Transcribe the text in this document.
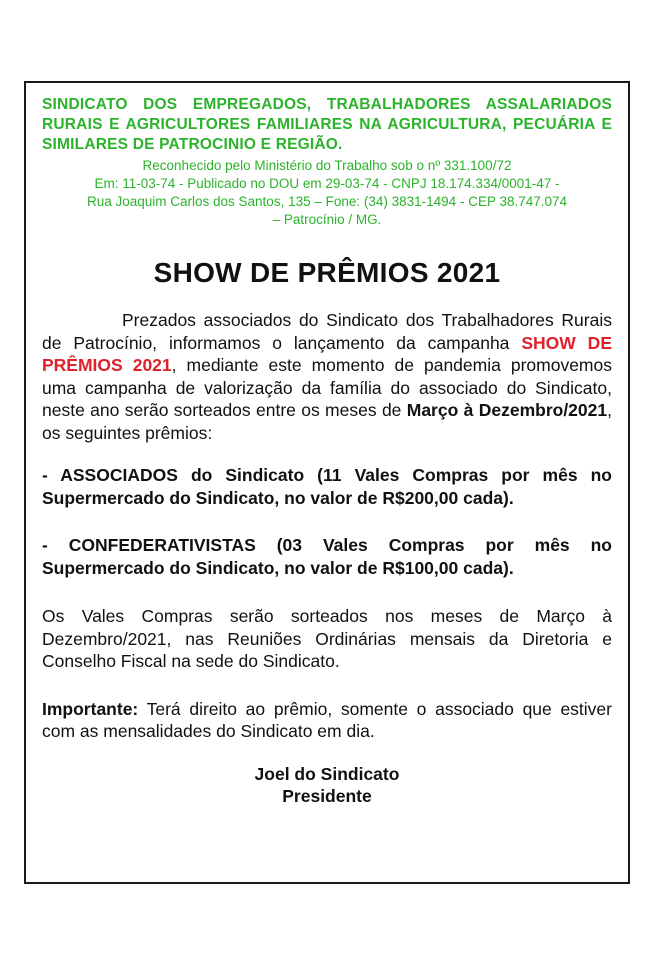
SINDICATO DOS EMPREGADOS, TRABALHADORES ASSALARIADOS RURAIS E AGRICULTORES FAMILIARES NA AGRICULTURA, PECUÁRIA E SIMILARES DE PATROCINIO E REGIÃO.
Reconhecido pelo Ministério do Trabalho sob o nº 331.100/72
Em: 11-03-74 - Publicado no DOU em 29-03-74 - CNPJ 18.174.334/0001-47 -
Rua Joaquim Carlos dos Santos, 135 – Fone: (34) 3831-1494 - CEP 38.747.074
– Patrocínio / MG.
SHOW DE PRÊMIOS 2021

Prezados associados do Sindicato dos Trabalhadores Rurais de Patrocínio, informamos o lançamento da campanha SHOW DE PRÊMIOS 2021, mediante este momento de pandemia promovemos uma campanha de valorização da família do associado do Sindicato, neste ano serão sorteados entre os meses de Março à Dezembro/2021, os seguintes prêmios:

- ASSOCIADOS do Sindicato (11 Vales Compras por mês no Supermercado do Sindicato, no valor de R$200,00 cada).

- CONFEDERATIVISTAS (03 Vales Compras por mês no Supermercado do Sindicato, no valor de R$100,00 cada).

Os Vales Compras serão sorteados nos meses de Março à Dezembro/2021, nas Reuniões Ordinárias mensais da Diretoria e Conselho Fiscal na sede do Sindicato.

Importante: Terá direito ao prêmio, somente o associado que estiver com as mensalidades do Sindicato em dia.

Joel do Sindicato
Presidente
